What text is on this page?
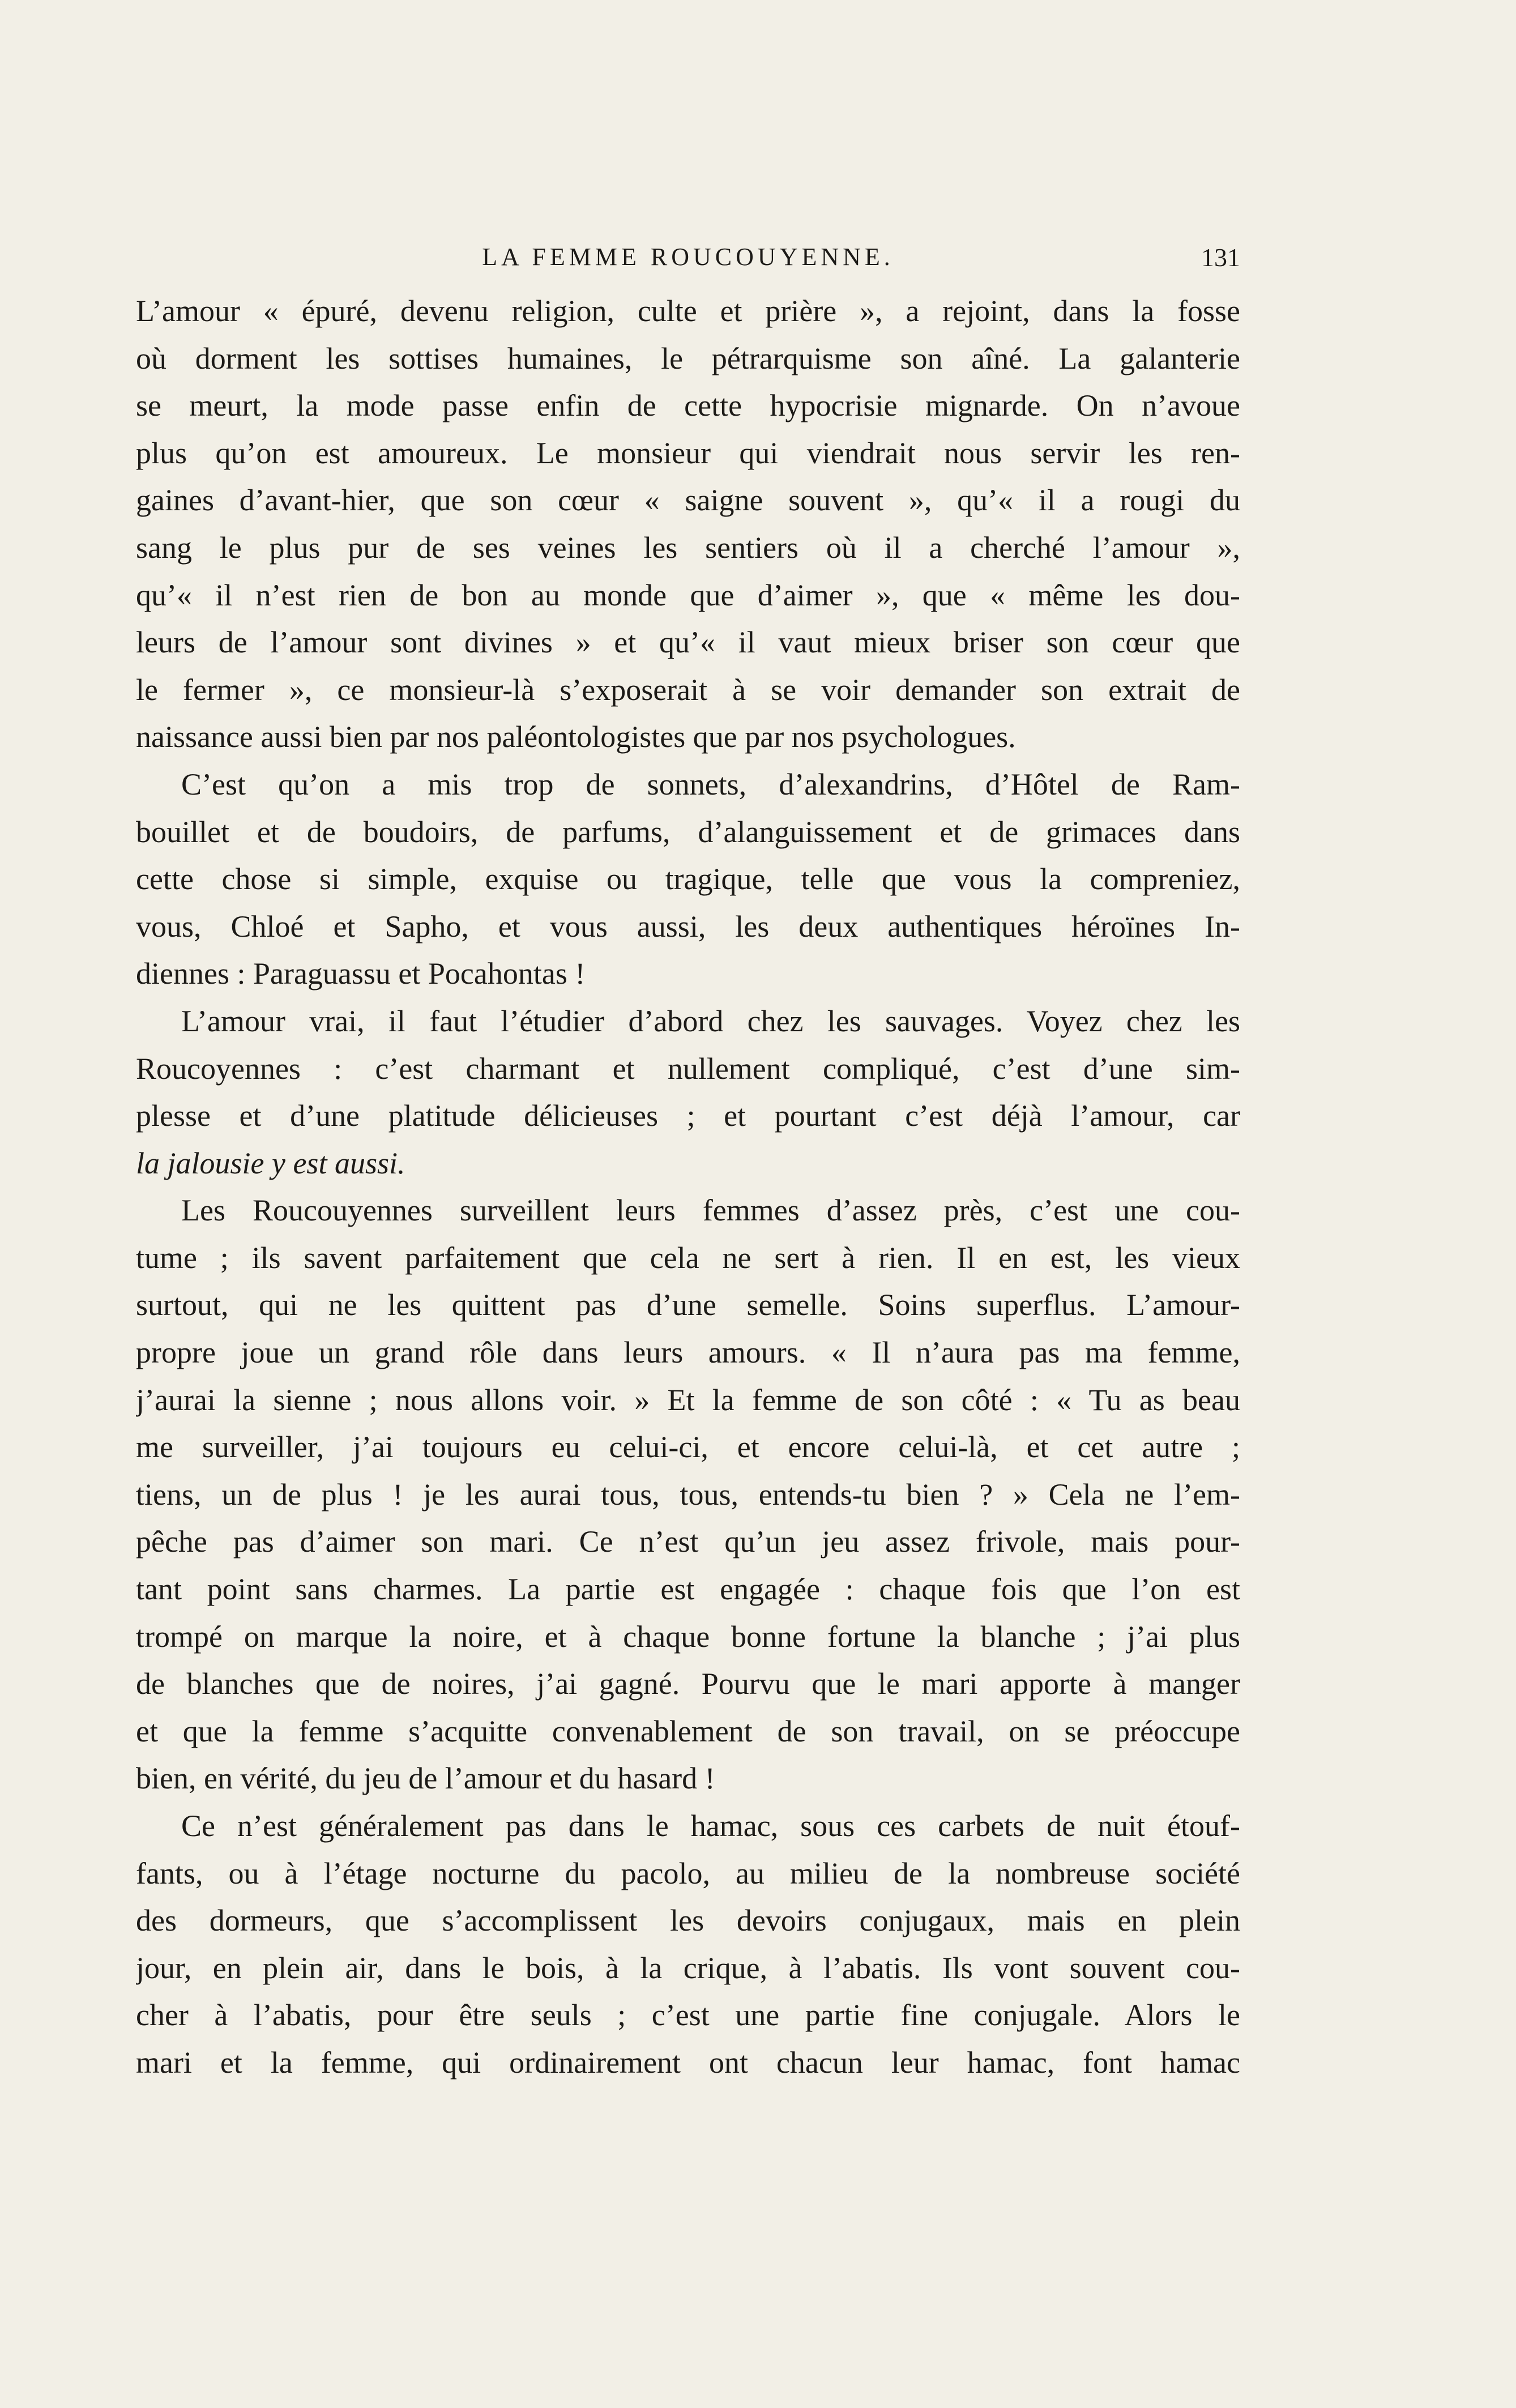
LA FEMME ROUCOUYENNE.	131
L’amour « épuré, devenu religion, culte et prière », a rejoint, dans la fosse
où dorment les sottises humaines, le pétrarquisme son aîné. La galanterie
se meurt, la mode passe enfin de cette hypocrisie mignarde. On n’avoue
plus qu’on est amoureux. Le monsieur qui viendrait nous servir les ren-
gaines d’avant-hier, que son cœur « saigne souvent », qu’« il a rougi du
sang le plus pur de ses veines les sentiers où il a cherché l’amour »,
qu’« il n’est rien de bon au monde que d’aimer », que « même les dou-
leurs de l’amour sont divines » et qu’« il vaut mieux briser son cœur que
le fermer », ce monsieur-là s’exposerait à se voir demander son extrait de
naissance aussi bien par nos paléontologistes que par nos psychologues.
C’est qu’on a mis trop de sonnets, d’alexandrins, d’Hôtel de Ram-
bouillet et de boudoirs, de parfums, d’alanguissement et de grimaces dans
cette chose si simple, exquise ou tragique, telle que vous la compreniez,
vous, Chloé et Sapho, et vous aussi, les deux authentiques héroïnes In-
diennes : Paraguassu et Pocahontas !
L’amour vrai, il faut l’étudier d’abord chez les sauvages. Voyez chez les
Roucoyennes : c’est charmant et nullement compliqué, c’est d’une sim-
plesse et d’une platitude délicieuses ; et pourtant c’est déjà l’amour, car
la jalousie y est aussi.
Les Roucouyennes surveillent leurs femmes d’assez près, c’est une cou-
tume ; ils savent parfaitement que cela ne sert à rien. Il en est, les vieux
surtout, qui ne les quittent pas d’une semelle. Soins superflus. L’amour-
propre joue un grand rôle dans leurs amours. « Il n’aura pas ma femme,
j’aurai la sienne ; nous allons voir. » Et la femme de son côté : « Tu as beau
me surveiller, j’ai toujours eu celui-ci, et encore celui-là, et cet autre ;
tiens, un de plus ! je les aurai tous, tous, entends-tu bien ? » Cela ne l’em-
pêche pas d’aimer son mari. Ce n’est qu’un jeu assez frivole, mais pour-
tant point sans charmes. La partie est engagée : chaque fois que l’on est
trompé on marque la noire, et à chaque bonne fortune la blanche ; j’ai plus
de blanches que de noires, j’ai gagné. Pourvu que le mari apporte à manger
et que la femme s’acquitte convenablement de son travail, on se préoccupe
bien, en vérité, du jeu de l’amour et du hasard !
Ce n’est généralement pas dans le hamac, sous ces carbets de nuit étouf-
fants, ou à l’étage nocturne du pacolo, au milieu de la nombreuse société
des dormeurs, que s’accomplissent les devoirs conjugaux, mais en plein
jour, en plein air, dans le bois, à la crique, à l’abatis. Ils vont souvent cou-
cher à l’abatis, pour être seuls ; c’est une partie fine conjugale. Alors le
mari et la femme, qui ordinairement ont chacun leur hamac, font hamac
